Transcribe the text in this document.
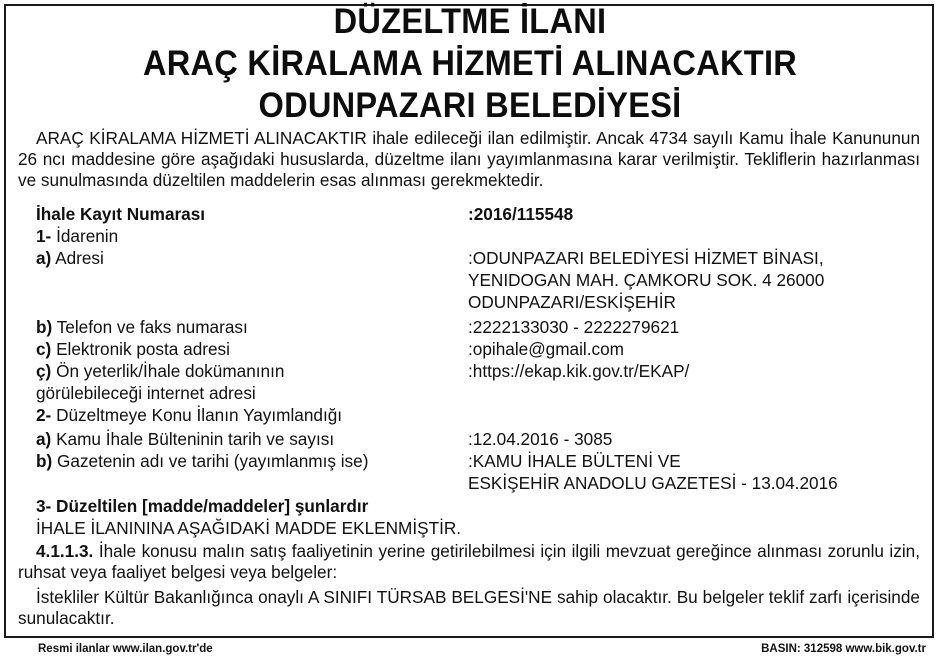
DÜZELTME İLANI
ARAÇ KİRALAMA HİZMETİ ALINACAKTIR
ODUNPAZARI BELEDİYESİ

ARAÇ KİRALAMA HİZMETİ ALINACAKTIR ihale edileceği ilan edilmiştir. Ancak 4734 sayılı Kamu İhale Kanununun 26 ncı maddesine göre aşağıdaki hususlarda, düzeltme ilanı yayımlanmasına karar verilmiştir. Tekliflerin hazırlanması ve sunulmasında düzeltilen maddelerin esas alınması gerekmektedir.

İhale Kayıt Numarası	:2016/115548
1- İdarenin
a) Adresi	:ODUNPAZARI BELEDİYESİ HİZMET BİNASI,
YENIDOGAN MAH. ÇAMKORU SOK. 4 26000
ODUNPAZARI/ESKİŞEHİR
b) Telefon ve faks numarası	:2222133030 - 2222279621
c) Elektronik posta adresi	:opihale@gmail.com
ç) Ön yeterlik/İhale dokümanının	:https://ekap.kik.gov.tr/EKAP/
görülebileceği internet adresi
2- Düzeltmeye Konu İlanın Yayımlandığı
a) Kamu İhale Bülteninin tarih ve sayısı	:12.04.2016 - 3085
b) Gazetenin adı ve tarihi (yayımlanmış ise)	:KAMU İHALE BÜLTENİ VE
ESKİŞEHİR ANADOLU GAZETESİ - 13.04.2016
3- Düzeltilen [madde/maddeler] şunlardır
İHALE İLANININA AŞAĞIDAKİ MADDE EKLENMİŞTİR.

4.1.1.3. İhale konusu malın satış faaliyetinin yerine getirilebilmesi için ilgili mevzuat gereğince alınması zorunlu izin, ruhsat veya faaliyet belgesi veya belgeler:

İstekliler Kültür Bakanlığınca onaylı A SINIFI TÜRSAB BELGESİ'NE sahip olacaktır. Bu belgeler teklif zarfı içerisinde sunulacaktır.

Resmi ilanlar www.ilan.gov.tr'de	BASIN: 312598 www.bik.gov.tr
